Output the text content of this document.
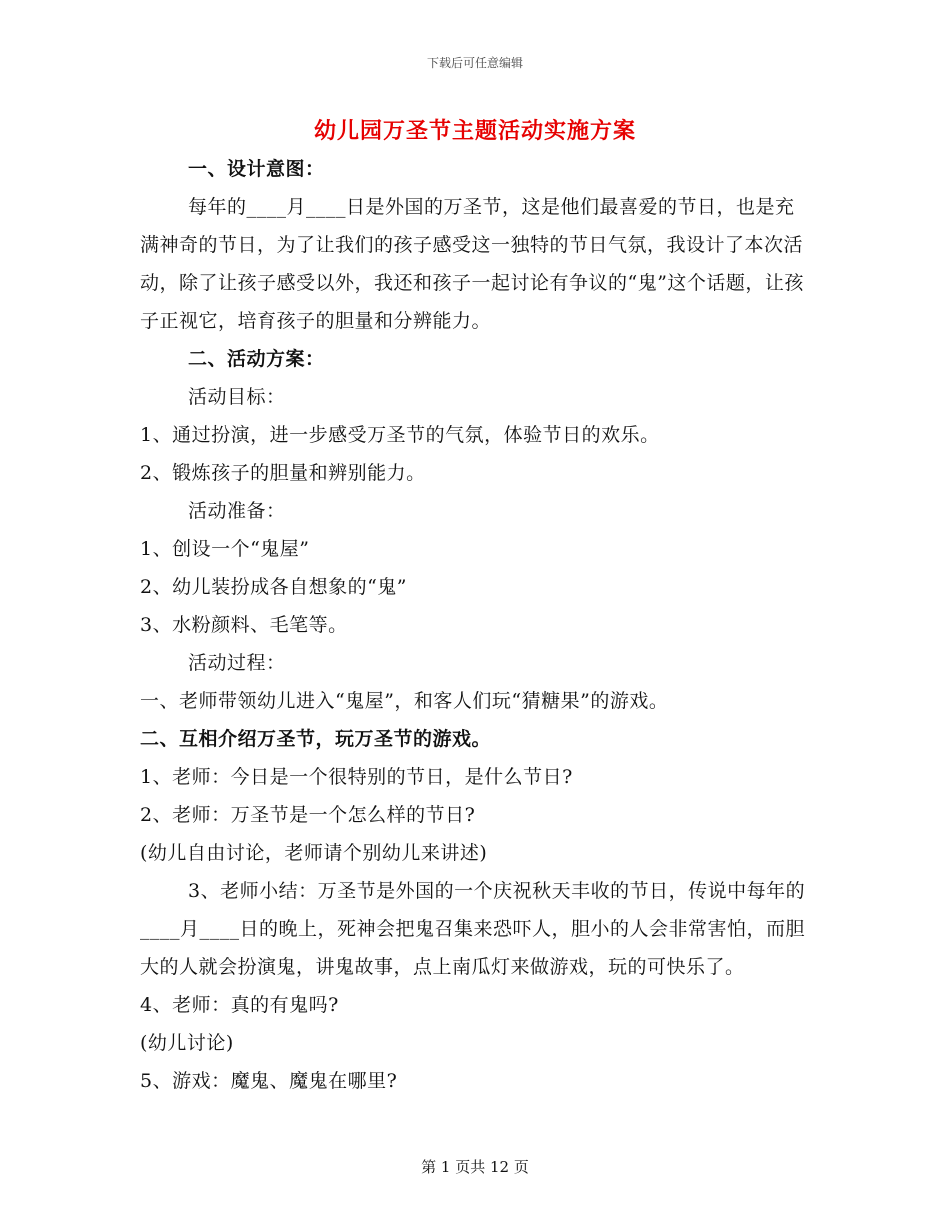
下载后可任意编辑
幼儿园万圣节主题活动实施方案

一、设计意图：

每年的____月____日是外国的万圣节，这是他们最喜爱的节日，也是充满神奇的节日，为了让我们的孩子感受这一独特的节日气氛，我设计了本次活动，除了让孩子感受以外，我还和孩子一起讨论有争议的“鬼”这个话题，让孩子正视它，培育孩子的胆量和分辨能力。

二、活动方案：

活动目标：

1、通过扮演，进一步感受万圣节的气氛，体验节日的欢乐。

2、锻炼孩子的胆量和辨别能力。

活动准备：

1、创设一个“鬼屋”

2、幼儿装扮成各自想象的“鬼”

3、水粉颜料、毛笔等。

活动过程：

一、老师带领幼儿进入“鬼屋”，和客人们玩“猜糖果”的游戏。

二、互相介绍万圣节，玩万圣节的游戏。

1、老师：今日是一个很特别的节日，是什么节日?

2、老师：万圣节是一个怎么样的节日?

(幼儿自由讨论，老师请个别幼儿来讲述)

3、老师小结：万圣节是外国的一个庆祝秋天丰收的节日，传说中每年的____月____日的晚上，死神会把鬼召集来恐吓人，胆小的人会非常害怕，而胆大的人就会扮演鬼，讲鬼故事，点上南瓜灯来做游戏，玩的可快乐了。

4、老师：真的有鬼吗?

(幼儿讨论)

5、游戏：魔鬼、魔鬼在哪里?

第 1 页共 12 页
